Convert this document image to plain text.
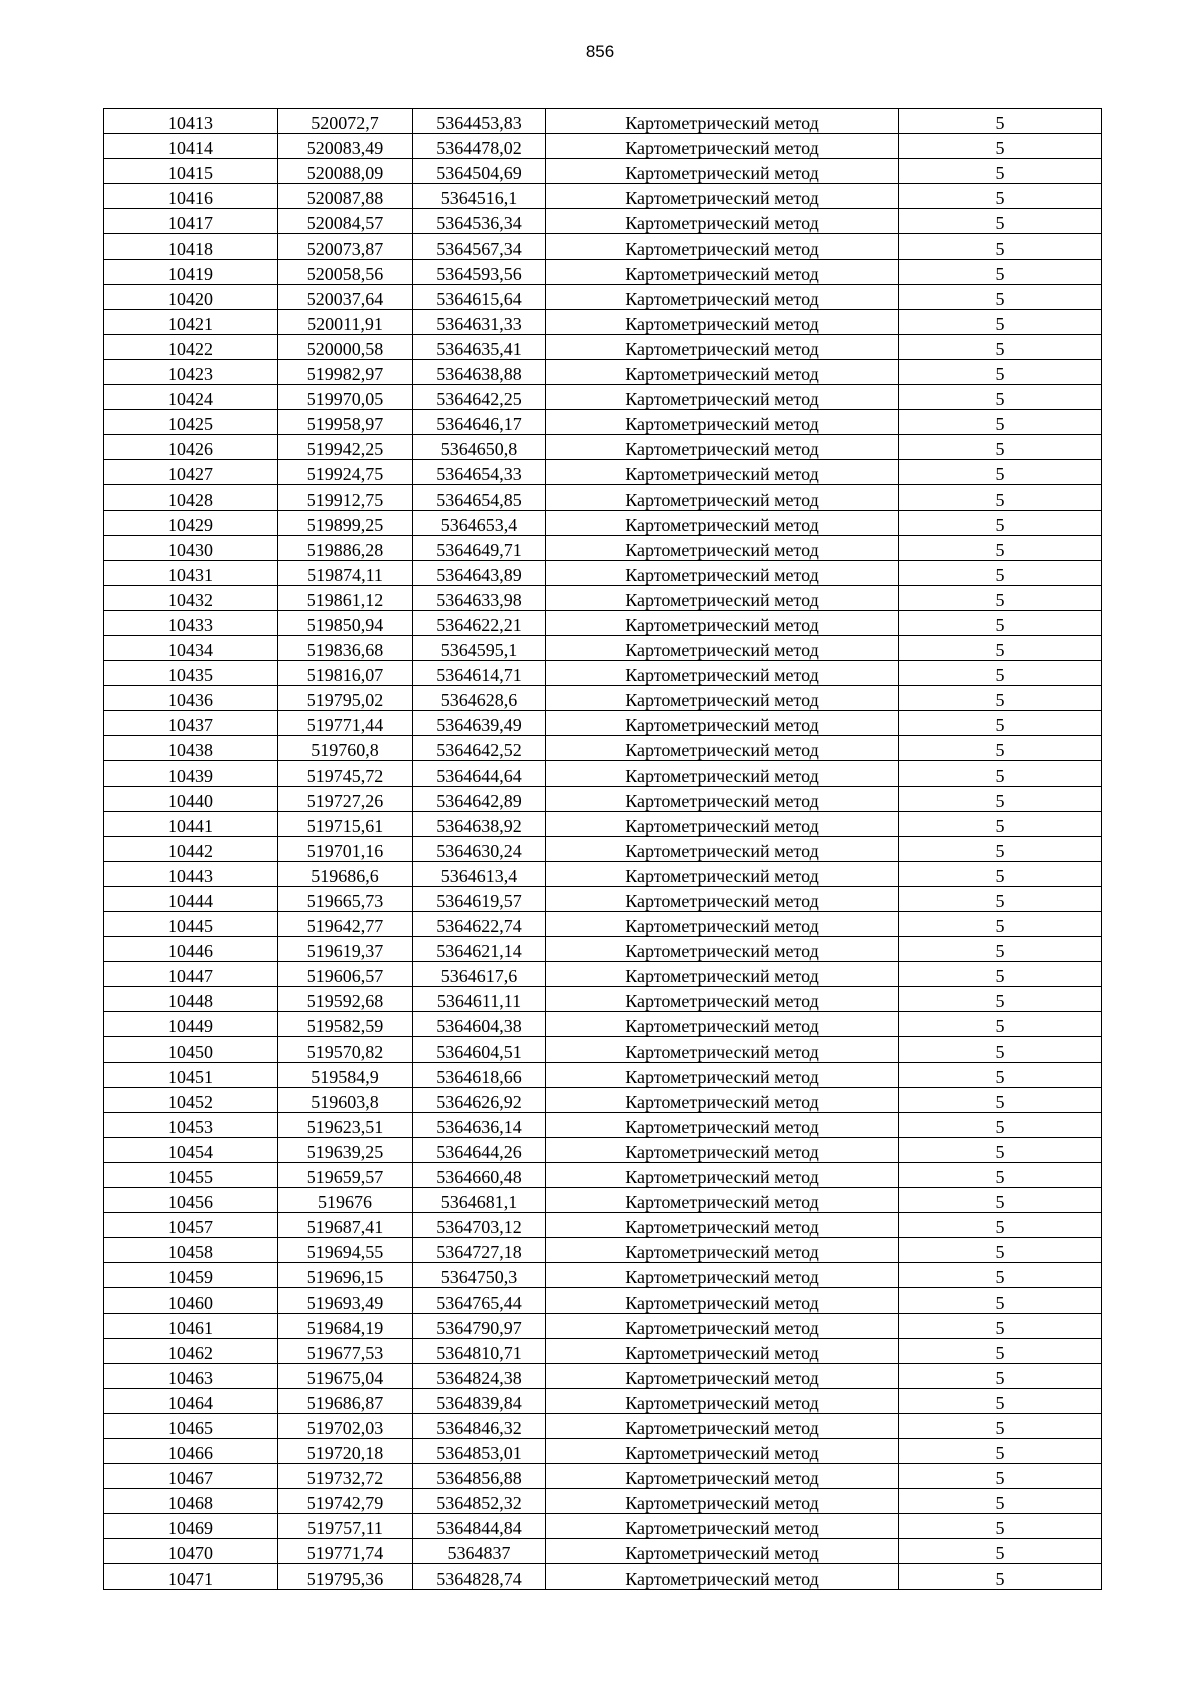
856
10413	520072,7	5364453,83	Картометрический метод	5
10414	520083,49	5364478,02	Картометрический метод	5
10415	520088,09	5364504,69	Картометрический метод	5
10416	520087,88	5364516,1	Картометрический метод	5
10417	520084,57	5364536,34	Картометрический метод	5
10418	520073,87	5364567,34	Картометрический метод	5
10419	520058,56	5364593,56	Картометрический метод	5
10420	520037,64	5364615,64	Картометрический метод	5
10421	520011,91	5364631,33	Картометрический метод	5
10422	520000,58	5364635,41	Картометрический метод	5
10423	519982,97	5364638,88	Картометрический метод	5
10424	519970,05	5364642,25	Картометрический метод	5
10425	519958,97	5364646,17	Картометрический метод	5
10426	519942,25	5364650,8	Картометрический метод	5
10427	519924,75	5364654,33	Картометрический метод	5
10428	519912,75	5364654,85	Картометрический метод	5
10429	519899,25	5364653,4	Картометрический метод	5
10430	519886,28	5364649,71	Картометрический метод	5
10431	519874,11	5364643,89	Картометрический метод	5
10432	519861,12	5364633,98	Картометрический метод	5
10433	519850,94	5364622,21	Картометрический метод	5
10434	519836,68	5364595,1	Картометрический метод	5
10435	519816,07	5364614,71	Картометрический метод	5
10436	519795,02	5364628,6	Картометрический метод	5
10437	519771,44	5364639,49	Картометрический метод	5
10438	519760,8	5364642,52	Картометрический метод	5
10439	519745,72	5364644,64	Картометрический метод	5
10440	519727,26	5364642,89	Картометрический метод	5
10441	519715,61	5364638,92	Картометрический метод	5
10442	519701,16	5364630,24	Картометрический метод	5
10443	519686,6	5364613,4	Картометрический метод	5
10444	519665,73	5364619,57	Картометрический метод	5
10445	519642,77	5364622,74	Картометрический метод	5
10446	519619,37	5364621,14	Картометрический метод	5
10447	519606,57	5364617,6	Картометрический метод	5
10448	519592,68	5364611,11	Картометрический метод	5
10449	519582,59	5364604,38	Картометрический метод	5
10450	519570,82	5364604,51	Картометрический метод	5
10451	519584,9	5364618,66	Картометрический метод	5
10452	519603,8	5364626,92	Картометрический метод	5
10453	519623,51	5364636,14	Картометрический метод	5
10454	519639,25	5364644,26	Картометрический метод	5
10455	519659,57	5364660,48	Картометрический метод	5
10456	519676	5364681,1	Картометрический метод	5
10457	519687,41	5364703,12	Картометрический метод	5
10458	519694,55	5364727,18	Картометрический метод	5
10459	519696,15	5364750,3	Картометрический метод	5
10460	519693,49	5364765,44	Картометрический метод	5
10461	519684,19	5364790,97	Картометрический метод	5
10462	519677,53	5364810,71	Картометрический метод	5
10463	519675,04	5364824,38	Картометрический метод	5
10464	519686,87	5364839,84	Картометрический метод	5
10465	519702,03	5364846,32	Картометрический метод	5
10466	519720,18	5364853,01	Картометрический метод	5
10467	519732,72	5364856,88	Картометрический метод	5
10468	519742,79	5364852,32	Картометрический метод	5
10469	519757,11	5364844,84	Картометрический метод	5
10470	519771,74	5364837	Картометрический метод	5
10471	519795,36	5364828,74	Картометрический метод	5
